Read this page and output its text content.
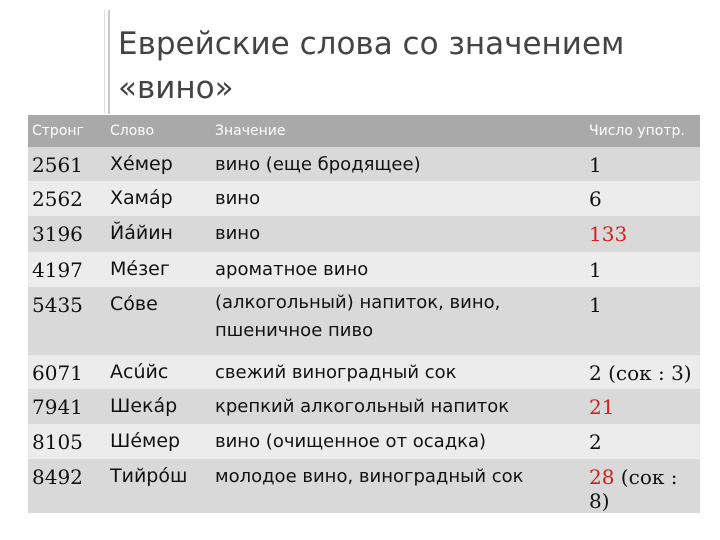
Еврейские слова со значением
«вино»
Стронг	Слово	Значение	Число употр.
2561	Хе́мер	вино (еще бродящее)	1
2562	Хама́р	вино	6
3196	Йа́йин	вино	133
4197	Ме́зег	ароматное вино	1
5435	Со́ве	(алкогольный) напиток, вино, пшеничное пиво	1
6071	Асúйс	свежий виноградный сок	2 (сок : 3)
7941	Шека́р	крепкий алкогольный напиток	21
8105	Ше́мер	вино (очищенное от осадка)	2
8492	Тийро́ш	молодое вино, виноградный сок	28 (сок : 8)
